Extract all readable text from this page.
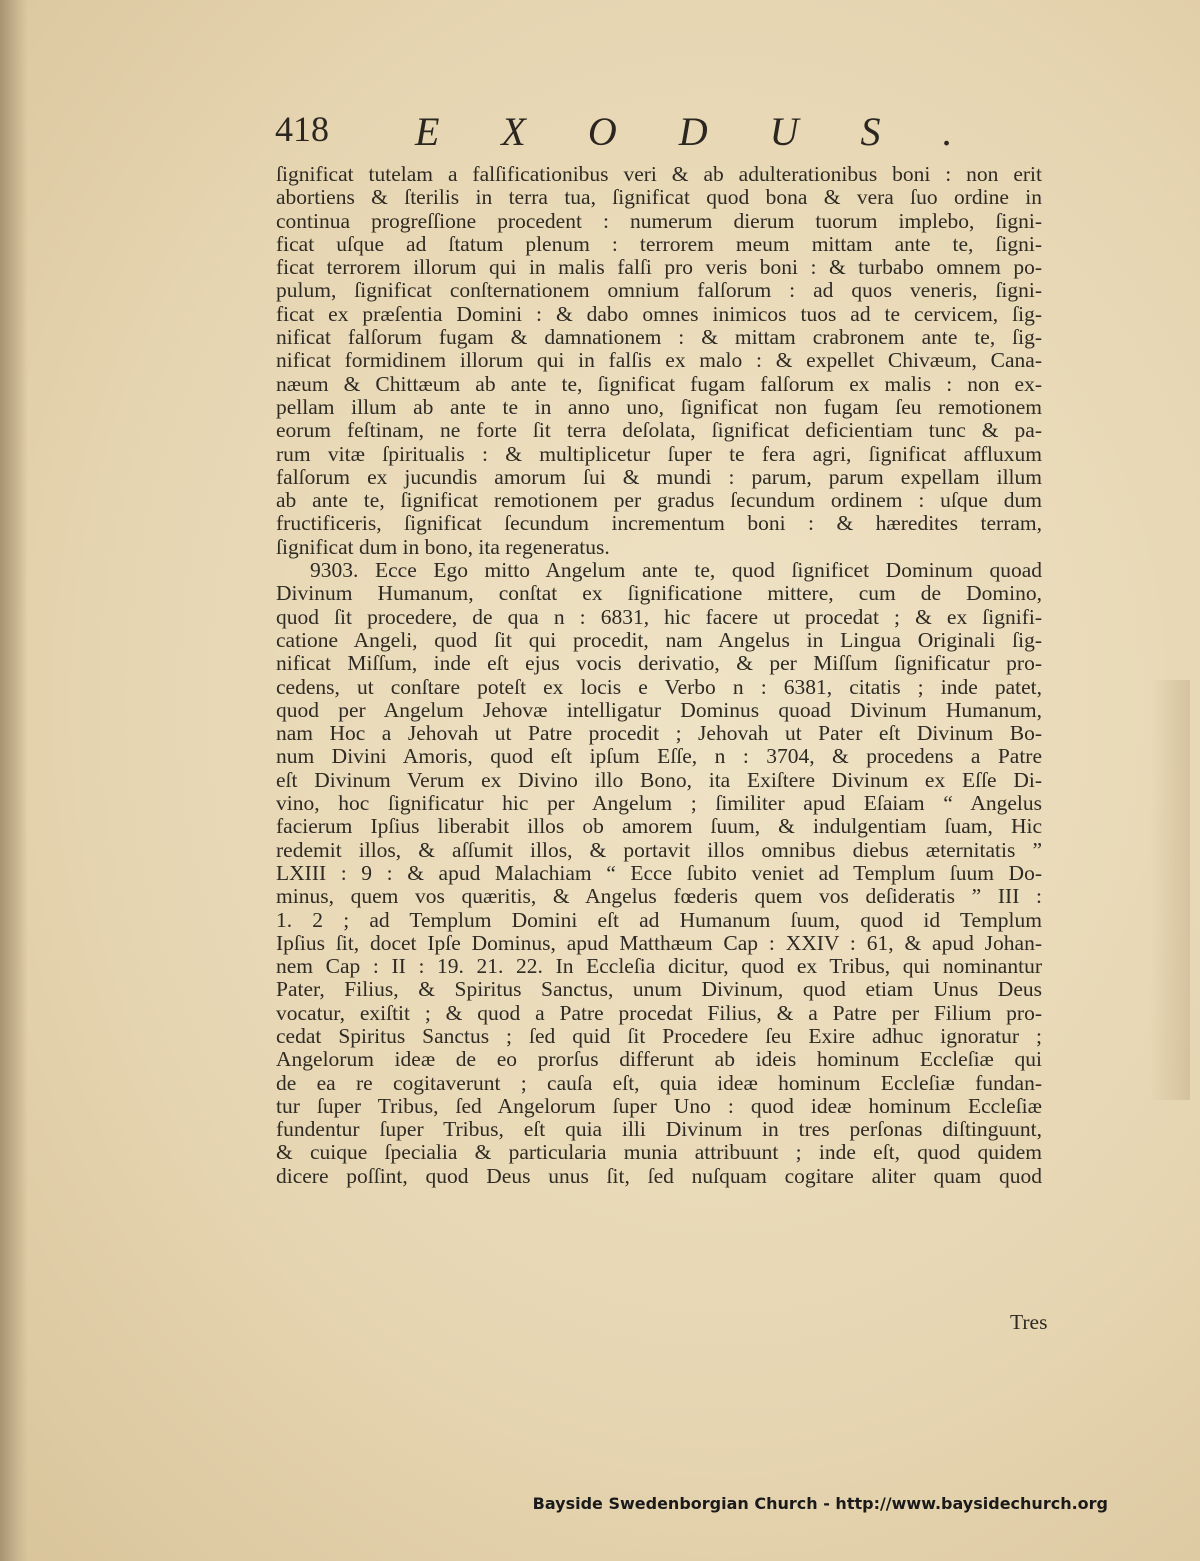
418 EXODUS.
ſignificat tutelam a falſificationibus veri & ab adulterationibus boni : non erit
abortiens & ſterilis in terra tua, ſignificat quod bona & vera ſuo ordine in
continua progreſſione procedent : numerum dierum tuorum implebo, ſigni-
ficat uſque ad ſtatum plenum : terrorem meum mittam ante te, ſigni-
ficat terrorem illorum qui in malis falſi pro veris boni : & turbabo omnem po-
pulum, ſignificat conſternationem omnium falſorum : ad quos veneris, ſigni-
ficat ex præſentia Domini : & dabo omnes inimicos tuos ad te cervicem, ſig-
nificat falſorum fugam & damnationem : & mittam crabronem ante te, ſig-
nificat formidinem illorum qui in falſis ex malo : & expellet Chivæum, Cana-
næum & Chittæum ab ante te, ſignificat fugam falſorum ex malis : non ex-
pellam illum ab ante te in anno uno, ſignificat non fugam ſeu remotionem
eorum feſtinam, ne forte ſit terra deſolata, ſignificat deficientiam tunc & pa-
rum vitæ ſpiritualis : & multiplicetur ſuper te fera agri, ſignificat affluxum
falſorum ex jucundis amorum ſui & mundi : parum, parum expellam illum
ab ante te, ſignificat remotionem per gradus ſecundum ordinem : uſque dum
fructificeris, ſignificat ſecundum incrementum boni : & hæredites terram,
ſignificat dum in bono, ita regeneratus.
9303. Ecce Ego mitto Angelum ante te, quod ſignificet Dominum quoad
Divinum Humanum, conſtat ex ſignificatione mittere, cum de Domino,
quod ſit procedere, de qua n : 6831, hic facere ut procedat ; & ex ſignifi-
catione Angeli, quod ſit qui procedit, nam Angelus in Lingua Originali ſig-
nificat Miſſum, inde eſt ejus vocis derivatio, & per Miſſum ſignificatur pro-
cedens, ut conſtare poteſt ex locis e Verbo n : 6381, citatis ; inde patet,
quod per Angelum Jehovæ intelligatur Dominus quoad Divinum Humanum,
nam Hoc a Jehovah ut Patre procedit ; Jehovah ut Pater eſt Divinum Bo-
num Divini Amoris, quod eſt ipſum Eſſe, n : 3704, & procedens a Patre
eſt Divinum Verum ex Divino illo Bono, ita Exiſtere Divinum ex Eſſe Di-
vino, hoc ſignificatur hic per Angelum ; ſimiliter apud Eſaiam “ Angelus
facierum Ipſius liberabit illos ob amorem ſuum, & indulgentiam ſuam, Hic
redemit illos, & aſſumit illos, & portavit illos omnibus diebus æternitatis ”
LXIII : 9 : & apud Malachiam “ Ecce ſubito veniet ad Templum ſuum Do-
minus, quem vos quæritis, & Angelus fœderis quem vos deſideratis ” III :
1. 2 ; ad Templum Domini eſt ad Humanum ſuum, quod id Templum
Ipſius ſit, docet Ipſe Dominus, apud Matthæum Cap : XXIV : 61, & apud Johan-
nem Cap : II : 19. 21. 22. In Eccleſia dicitur, quod ex Tribus, qui nominantur
Pater, Filius, & Spiritus Sanctus, unum Divinum, quod etiam Unus Deus
vocatur, exiſtit ; & quod a Patre procedat Filius, & a Patre per Filium pro-
cedat Spiritus Sanctus ; ſed quid ſit Procedere ſeu Exire adhuc ignoratur ;
Angelorum ideæ de eo prorſus differunt ab ideis hominum Eccleſiæ qui
de ea re cogitaverunt ; cauſa eſt, quia ideæ hominum Eccleſiæ fundan-
tur ſuper Tribus, ſed Angelorum ſuper Uno : quod ideæ hominum Eccleſiæ
fundentur ſuper Tribus, eſt quia illi Divinum in tres perſonas diſtinguunt,
& cuique ſpecialia & particularia munia attribuunt ; inde eſt, quod quidem
dicere poſſint, quod Deus unus ſit, ſed nuſquam cogitare aliter quam quod
Tres
Bayside Swedenborgian Church - http://www.baysidechurch.org
